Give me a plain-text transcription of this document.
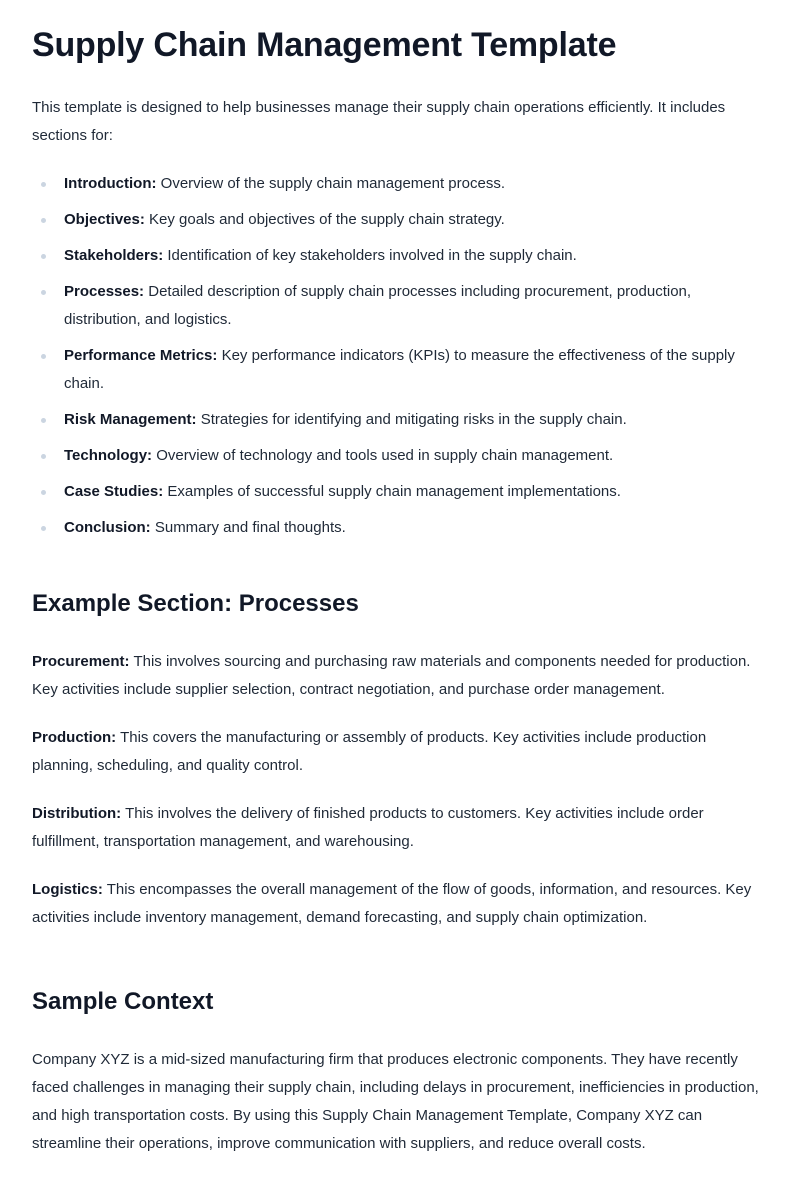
Supply Chain Management Template

This template is designed to help businesses manage their supply chain operations efficiently. It includes sections for:

Introduction: Overview of the supply chain management process.
Objectives: Key goals and objectives of the supply chain strategy.
Stakeholders: Identification of key stakeholders involved in the supply chain.
Processes: Detailed description of supply chain processes including procurement, production, distribution, and logistics.
Performance Metrics: Key performance indicators (KPIs) to measure the effectiveness of the supply chain.
Risk Management: Strategies for identifying and mitigating risks in the supply chain.
Technology: Overview of technology and tools used in supply chain management.
Case Studies: Examples of successful supply chain management implementations.
Conclusion: Summary and final thoughts.
Example Section: Processes

Procurement: This involves sourcing and purchasing raw materials and components needed for production. Key activities include supplier selection, contract negotiation, and purchase order management.

Production: This covers the manufacturing or assembly of products. Key activities include production planning, scheduling, and quality control.

Distribution: This involves the delivery of finished products to customers. Key activities include order fulfillment, transportation management, and warehousing.

Logistics: This encompasses the overall management of the flow of goods, information, and resources. Key activities include inventory management, demand forecasting, and supply chain optimization.

Sample Context

Company XYZ is a mid-sized manufacturing firm that produces electronic components. They have recently faced challenges in managing their supply chain, including delays in procurement, inefficiencies in production, and high transportation costs. By using this Supply Chain Management Template, Company XYZ can streamline their operations, improve communication with suppliers, and reduce overall costs.
